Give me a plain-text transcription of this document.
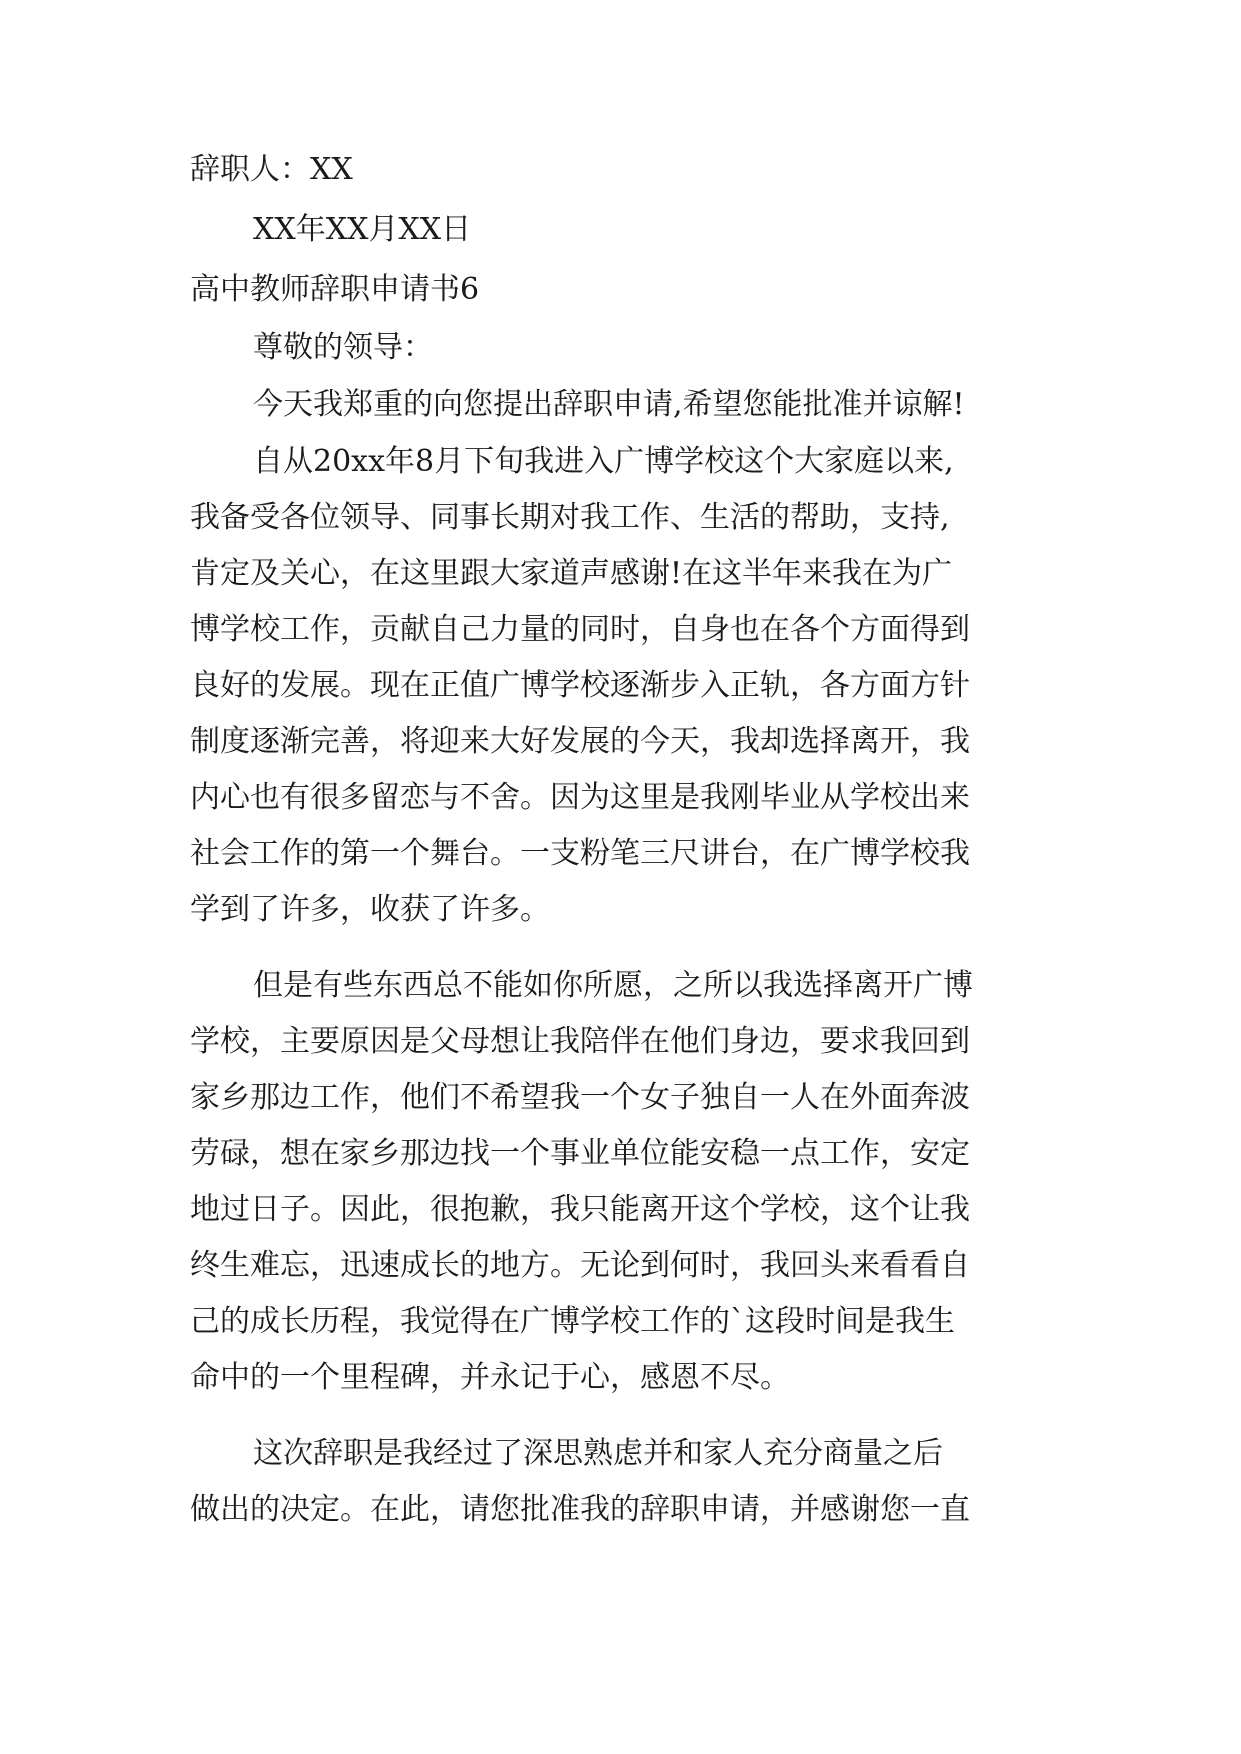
辞职人：XX

XX年XX月XX日

高中教师辞职申请书6

尊敬的领导：

今天我郑重的向您提出辞职申请,希望您能批准并谅解!

自从20xx年8月下旬我进入广博学校这个大家庭以来,

我备受各位领导、同事长期对我工作、生活的帮助，支持,

肯定及关心，在这里跟大家道声感谢!在这半年来我在为广

博学校工作，贡献自己力量的同时，自身也在各个方面得到

良好的发展。现在正值广博学校逐渐步入正轨，各方面方针

制度逐渐完善，将迎来大好发展的今天，我却选择离开，我

内心也有很多留恋与不舍。因为这里是我刚毕业从学校出来

社会工作的第一个舞台。一支粉笔三尺讲台，在广博学校我

学到了许多，收获了许多。

但是有些东西总不能如你所愿，之所以我选择离开广博

学校，主要原因是父母想让我陪伴在他们身边，要求我回到

家乡那边工作，他们不希望我一个女子独自一人在外面奔波

劳碌，想在家乡那边找一个事业单位能安稳一点工作，安定

地过日子。因此，很抱歉，我只能离开这个学校，这个让我

终生难忘，迅速成长的地方。无论到何时，我回头来看看自

己的成长历程，我觉得在广博学校工作的`这段时间是我生

命中的一个里程碑，并永记于心，感恩不尽。

这次辞职是我经过了深思熟虑并和家人充分商量之后

做出的决定。在此，请您批准我的辞职申请，并感谢您一直
